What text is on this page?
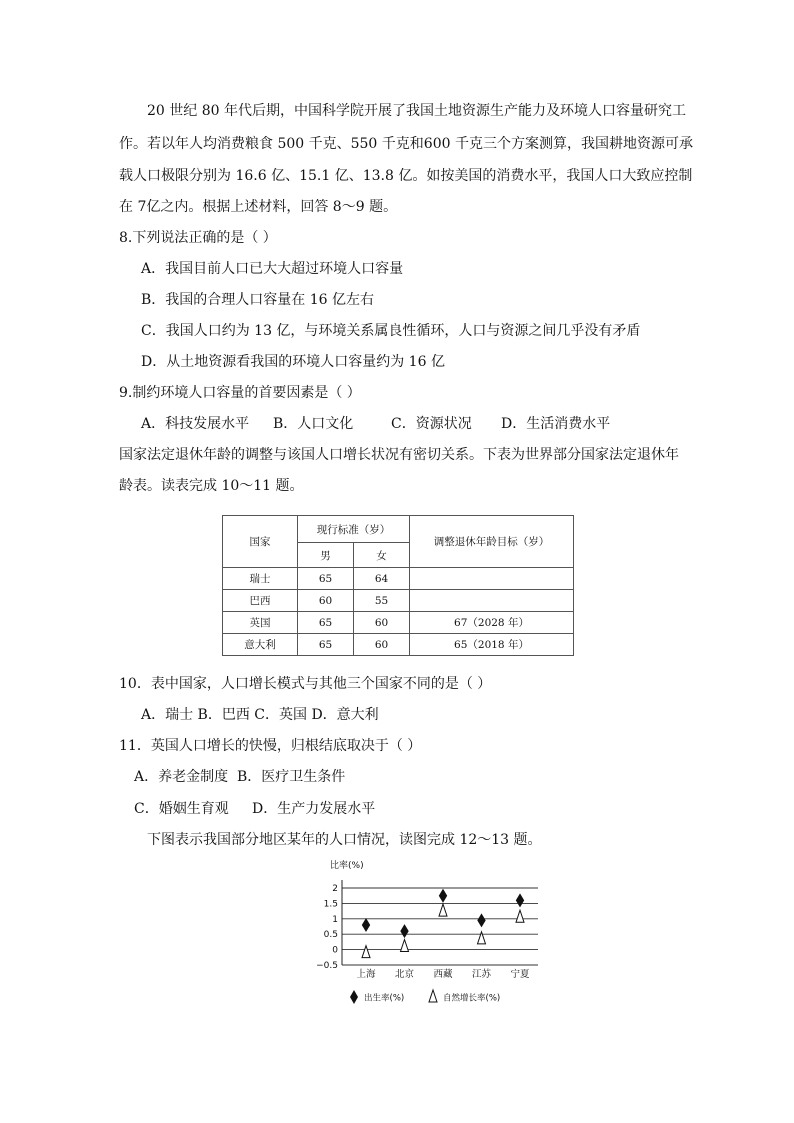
20 世纪 80 年代后期，中国科学院开展了我国土地资源生产能力及环境人口容量研究工
作。若以年人均消费粮食 500 千克、550 千克和600 千克三个方案测算，我国耕地资源可承
载人口极限分别为 16.6 亿、15.1 亿、13.8 亿。如按美国的消费水平，我国人口大致应控制
在 7亿之内。根据上述材料，回答 8～9 题。
8.下列说法正确的是（ ）
A．我国目前人口已大大超过环境人口容量
B．我国的合理人口容量在 16 亿左右
C．我国人口约为 13 亿，与环境关系属良性循环，人口与资源之间几乎没有矛盾
D．从土地资源看我国的环境人口容量约为 16 亿
9.制约环境人口容量的首要因素是（ ）
A．科技发展水平 B．人口文化	C．资源状况 D．生活消费水平
国家法定退休年龄的调整与该国人口增长状况有密切关系。下表为世界部分国家法定退休年
龄表。读表完成 10～11 题。
国家	现行标准（岁）		调整退休年龄目标（岁）
	男	女	
瑞士	65	64	
巴西	60	55	
英国	65	60	67（2028 年）
意大利	65	60	65（2018 年）
10．表中国家，人口增长模式与其他三个国家不同的是（ ）
A．瑞士 B．巴西 C．英国 D．意大利
11．英国人口增长的快慢，归根结底取决于（ ）
A．养老金制度 B．医疗卫生条件
C．婚姻生育观 D．生产力发展水平
下图表示我国部分地区某年的人口情况，读图完成 12～13 题。
比率(%)
2
1.5
1
0.5
0
−0.5
上海 北京 西藏 江苏 宁夏
出生率(%)	自然增长率(%)
